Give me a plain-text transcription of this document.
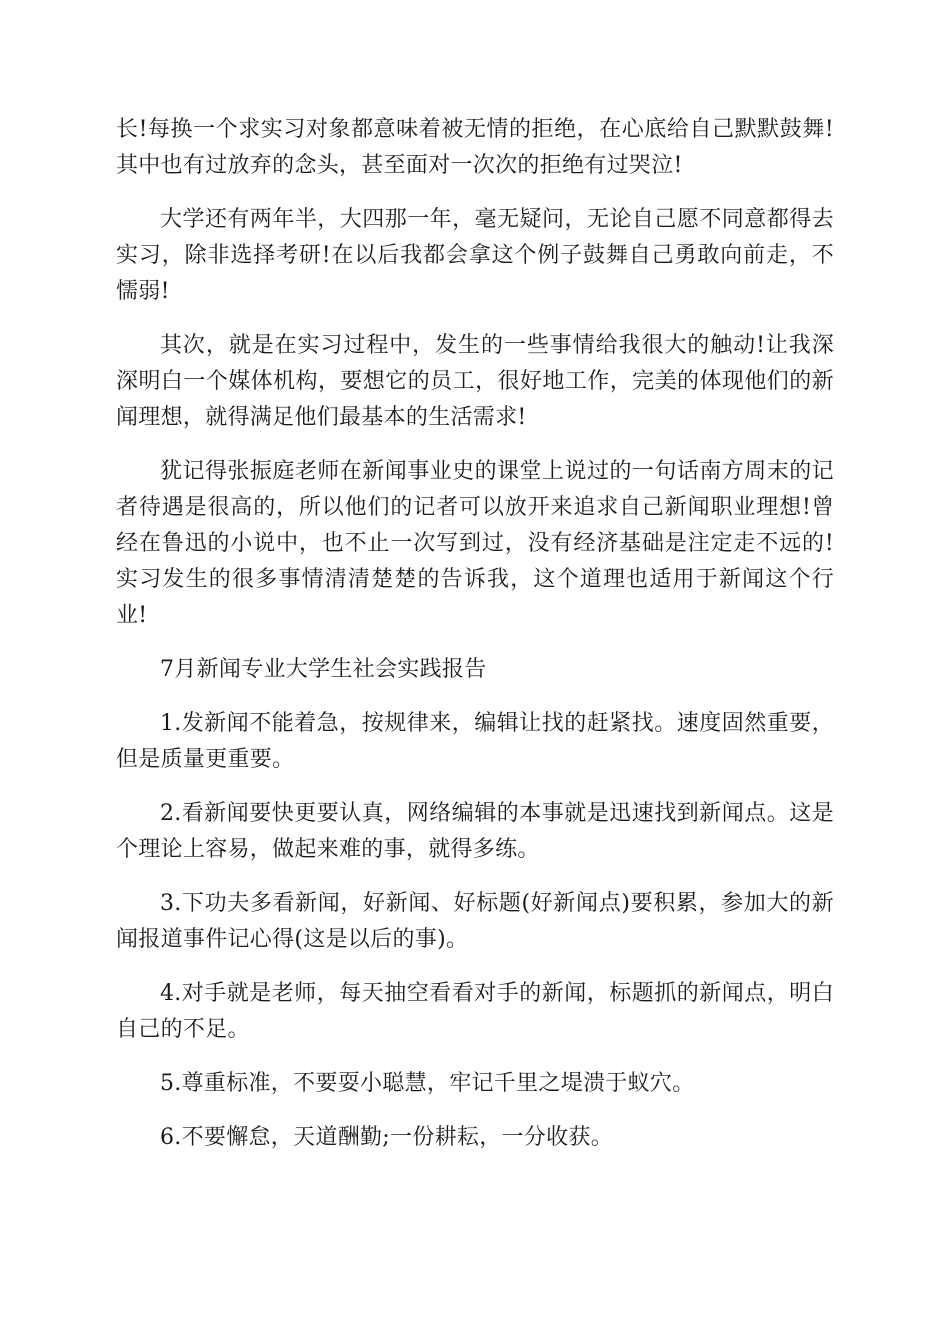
长!每换一个求实习对象都意味着被无情的拒绝，在心底给自己默默鼓舞!其中也有过放弃的念头，甚至面对一次次的拒绝有过哭泣!

大学还有两年半，大四那一年，毫无疑问，无论自己愿不同意都得去实习，除非选择考研!在以后我都会拿这个例子鼓舞自己勇敢向前走，不懦弱!

其次，就是在实习过程中，发生的一些事情给我很大的触动!让我深深明白一个媒体机构，要想它的员工，很好地工作，完美的体现他们的新闻理想，就得满足他们最基本的生活需求!

犹记得张振庭老师在新闻事业史的课堂上说过的一句话南方周末的记者待遇是很高的，所以他们的记者可以放开来追求自己新闻职业理想!曾经在鲁迅的小说中，也不止一次写到过，没有经济基础是注定走不远的!实习发生的很多事情清清楚楚的告诉我，这个道理也适用于新闻这个行业!

7月新闻专业大学生社会实践报告

1.发新闻不能着急，按规律来，编辑让找的赶紧找。速度固然重要，但是质量更重要。

2.看新闻要快更要认真，网络编辑的本事就是迅速找到新闻点。这是个理论上容易，做起来难的事，就得多练。

3.下功夫多看新闻，好新闻、好标题(好新闻点)要积累，参加大的新闻报道事件记心得(这是以后的事)。

4.对手就是老师，每天抽空看看对手的新闻，标题抓的新闻点，明白自己的不足。

5.尊重标准，不要耍小聪慧，牢记千里之堤溃于蚁穴。

6.不要懈怠，天道酬勤;一份耕耘，一分收获。
